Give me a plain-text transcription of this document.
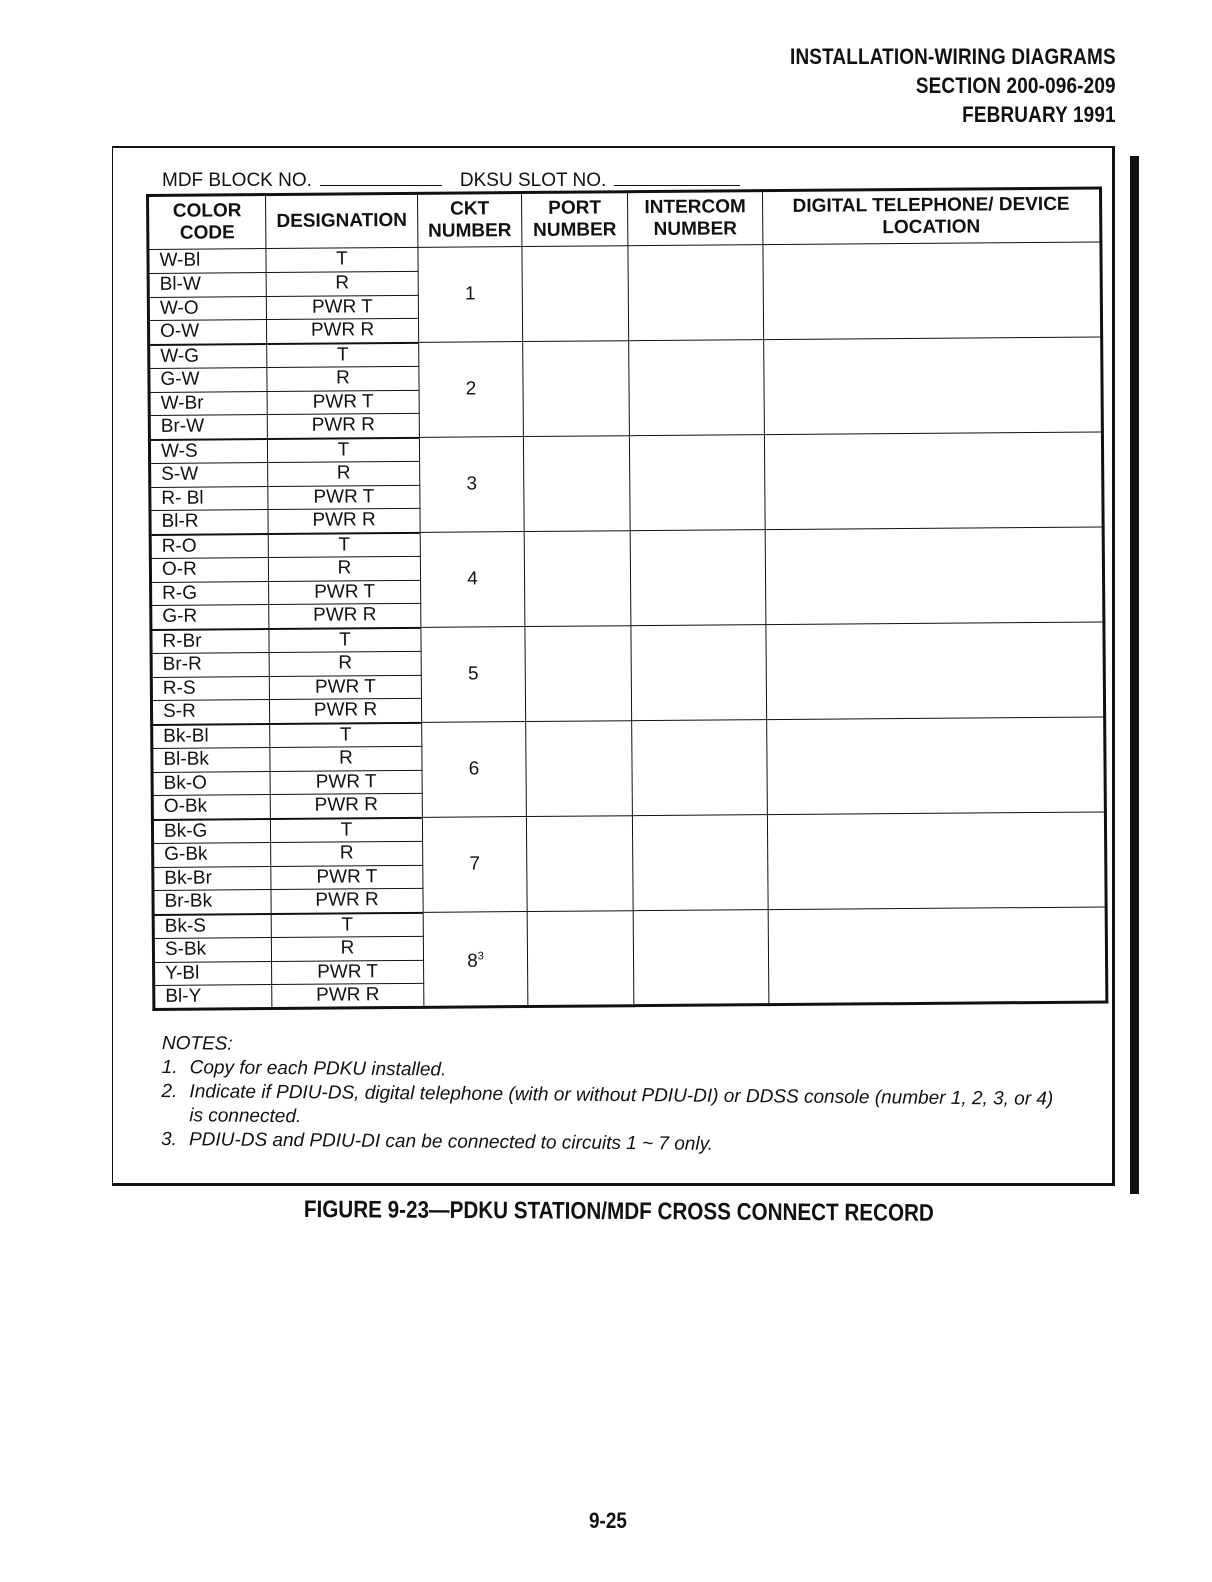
INSTALLATION-WIRING DIAGRAMS
SECTION 200-096-209
FEBRUARY 1991
MDF BLOCK NO.	DKSU SLOT NO.
COLOR CODE	DESIGNATION	CKT NUMBER	PORT NUMBER	INTERCOM NUMBER	DIGITAL TELEPHONE/ DEVICE LOCATION
W-Bl	T	1			
Bl-W	R				
W-O	PWR T				
O-W	PWR R				
W-G	T	2			
G-W	R				
W-Br	PWR T				
Br-W	PWR R				
W-S	T	3			
S-W	R				
R- Bl	PWR T				
Bl-R	PWR R				
R-O	T	4			
O-R	R				
R-G	PWR T				
G-R	PWR R				
R-Br	T	5			
Br-R	R				
R-S	PWR T				
S-R	PWR R				
Bk-Bl	T	6			
Bl-Bk	R				
Bk-O	PWR T				
O-Bk	PWR R				
Bk-G	T	7			
G-Bk	R				
Bk-Br	PWR T				
Br-Bk	PWR R				
Bk-S	T	$8^3$			
S-Bk	R				
Y-Bl	PWR T				
Bl-Y	PWR R				
NOTES:
1. Copy for each PDKU installed.
2. Indicate if PDIU-DS, digital telephone (with or without PDIU-DI) or DDSS console (number 1, 2, 3, or 4)
is connected.
3. PDIU-DS and PDIU-DI can be connected to circuits 1 ~ 7 only.
FIGURE 9-23—PDKU STATION/MDF CROSS CONNECT RECORD
9-25
